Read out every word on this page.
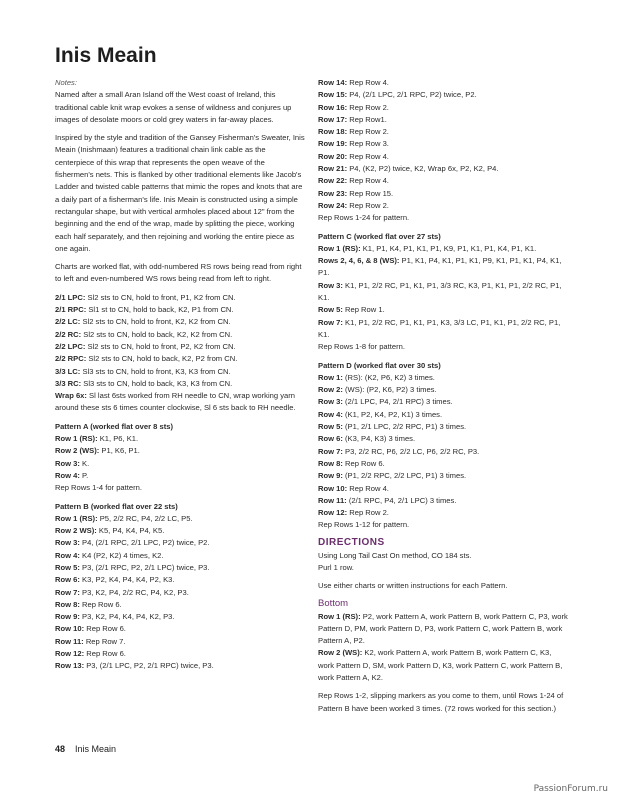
Inis Meain
Notes:

Named after a small Aran Island off the West coast of Ireland, this traditional cable knit wrap evokes a sense of wildness and conjures up images of desolate moors or cold grey waters in far-away places.

Inspired by the style and tradition of the Gansey Fisherman's Sweater, Inis Meain (Inishmaan) features a traditional chain link cable as the centerpiece of this wrap that represents the open weave of the fishermen's nets. This is flanked by other traditional elements like Jacob's Ladder and twisted cable patterns that mimic the ropes and knots that are a daily part of a fisherman's life. Inis Meain is constructed using a simple rectangular shape, but with vertical armholes placed about 12" from the beginning and the end of the wrap, made by splitting the piece, working each half separately, and then rejoining and working the entire piece as one again.

Charts are worked flat, with odd-numbered RS rows being read from right to left and even-numbered WS rows being read from left to right.

2/1 LPC: Sl2 sts to CN, hold to front, P1, K2 from CN.
2/1 RPC: Sl1 st to CN, hold to back, K2, P1 from CN.
2/2 LC: Sl2 sts to CN, hold to front, K2, K2 from CN.
2/2 RC: Sl2 sts to CN, hold to back, K2, K2 from CN.
2/2 LPC: Sl2 sts to CN, hold to front, P2, K2 from CN.
2/2 RPC: Sl2 sts to CN, hold to back, K2, P2 from CN.
3/3 LC: Sl3 sts to CN, hold to front, K3, K3 from CN.
3/3 RC: Sl3 sts to CN, hold to back, K3, K3 from CN.
Wrap 6x: Sl last 6sts worked from RH needle to CN, wrap working yarn around these sts 6 times counter clockwise, Sl 6 sts back to RH needle.
Pattern A (worked flat over 8 sts)
Row 1 (RS): K1, P6, K1.
Row 2 (WS): P1, K6, P1.
Row 3: K.
Row 4: P.
Rep Rows 1-4 for pattern.
Pattern B (worked flat over 22 sts)
Row 1 (RS): P5, 2/2 RC, P4, 2/2 LC, P5.
Row 2 WS): K5, P4, K4, P4, K5.
Row 3: P4, (2/1 RPC, 2/1 LPC, P2) twice, P2.
Row 4: K4 (P2, K2) 4 times, K2.
Row 5: P3, (2/1 RPC, P2, 2/1 LPC) twice, P3.
Row 6: K3, P2, K4, P4, K4, P2, K3.
Row 7: P3, K2, P4, 2/2 RC, P4, K2, P3.
Row 8: Rep Row 6.
Row 9: P3, K2, P4, K4, P4, K2, P3.
Row 10: Rep Row 6.
Row 11: Rep Row 7.
Row 12: Rep Row 6.
Row 13: P3, (2/1 LPC, P2, 2/1 RPC) twice, P3.
Row 14: Rep Row 4.
Row 15: P4, (2/1 LPC, 2/1 RPC, P2) twice, P2.
Row 16: Rep Row 2.
Row 17: Rep Row1.
Row 18: Rep Row 2.
Row 19: Rep Row 3.
Row 20: Rep Row 4.
Row 21: P4, (K2, P2) twice, K2, Wrap 6x, P2, K2, P4.
Row 22: Rep Row 4.
Row 23: Rep Row 15.
Row 24: Rep Row 2.
Rep Rows 1-24 for pattern.
Pattern C (worked flat over 27 sts)
Row 1 (RS): K1, P1, K4, P1, K1, P1, K9, P1, K1, P1, K4, P1, K1.
Rows 2, 4, 6, & 8 (WS): P1, K1, P4, K1, P1, K1, P9, K1, P1, K1, P4, K1, P1.
Row 3: K1, P1, 2/2 RC, P1, K1, P1, 3/3 RC, K3, P1, K1, P1, 2/2 RC, P1, K1.
Row 5: Rep Row 1.
Row 7: K1, P1, 2/2 RC, P1, K1, P1, K3, 3/3 LC, P1, K1, P1, 2/2 RC, P1, K1.
Rep Rows 1-8 for pattern.
Pattern D (worked flat over 30 sts)
Row 1: (RS): (K2, P6, K2) 3 times.
Row 2: (WS): (P2, K6, P2) 3 times.
Row 3: (2/1 LPC, P4, 2/1 RPC) 3 times.
Row 4: (K1, P2, K4, P2, K1) 3 times.
Row 5: (P1, 2/1 LPC, 2/2 RPC, P1) 3 times.
Row 6: (K3, P4, K3) 3 times.
Row 7: P3, 2/2 RC, P6, 2/2 LC, P6, 2/2 RC, P3.
Row 8: Rep Row 6.
Row 9: (P1, 2/2 RPC, 2/2 LPC, P1) 3 times.
Row 10: Rep Row 4.
Row 11: (2/1 RPC, P4, 2/1 LPC) 3 times.
Row 12: Rep Row 2.
Rep Rows 1-12 for pattern.
DIRECTIONS
Using Long Tail Cast On method, CO 184 sts.
Purl 1 row.
Use either charts or written instructions for each Pattern.
Bottom
Row 1 (RS): P2, work Pattern A, work Pattern B, work Pattern C, P3, work Pattern D, PM, work Pattern D, P3, work Pattern C, work Pattern B, work Pattern A, P2.
Row 2 (WS): K2, work Pattern A, work Pattern B, work Pattern C, K3, work Pattern D, SM, work Pattern D, K3, work Pattern C, work Pattern B, work Pattern A, K2.
Rep Rows 1-2, slipping markers as you come to them, until Rows 1-24 of Pattern B have been worked 3 times. (72 rows worked for this section.)
48 Inis Meain
PassionForum.ru
